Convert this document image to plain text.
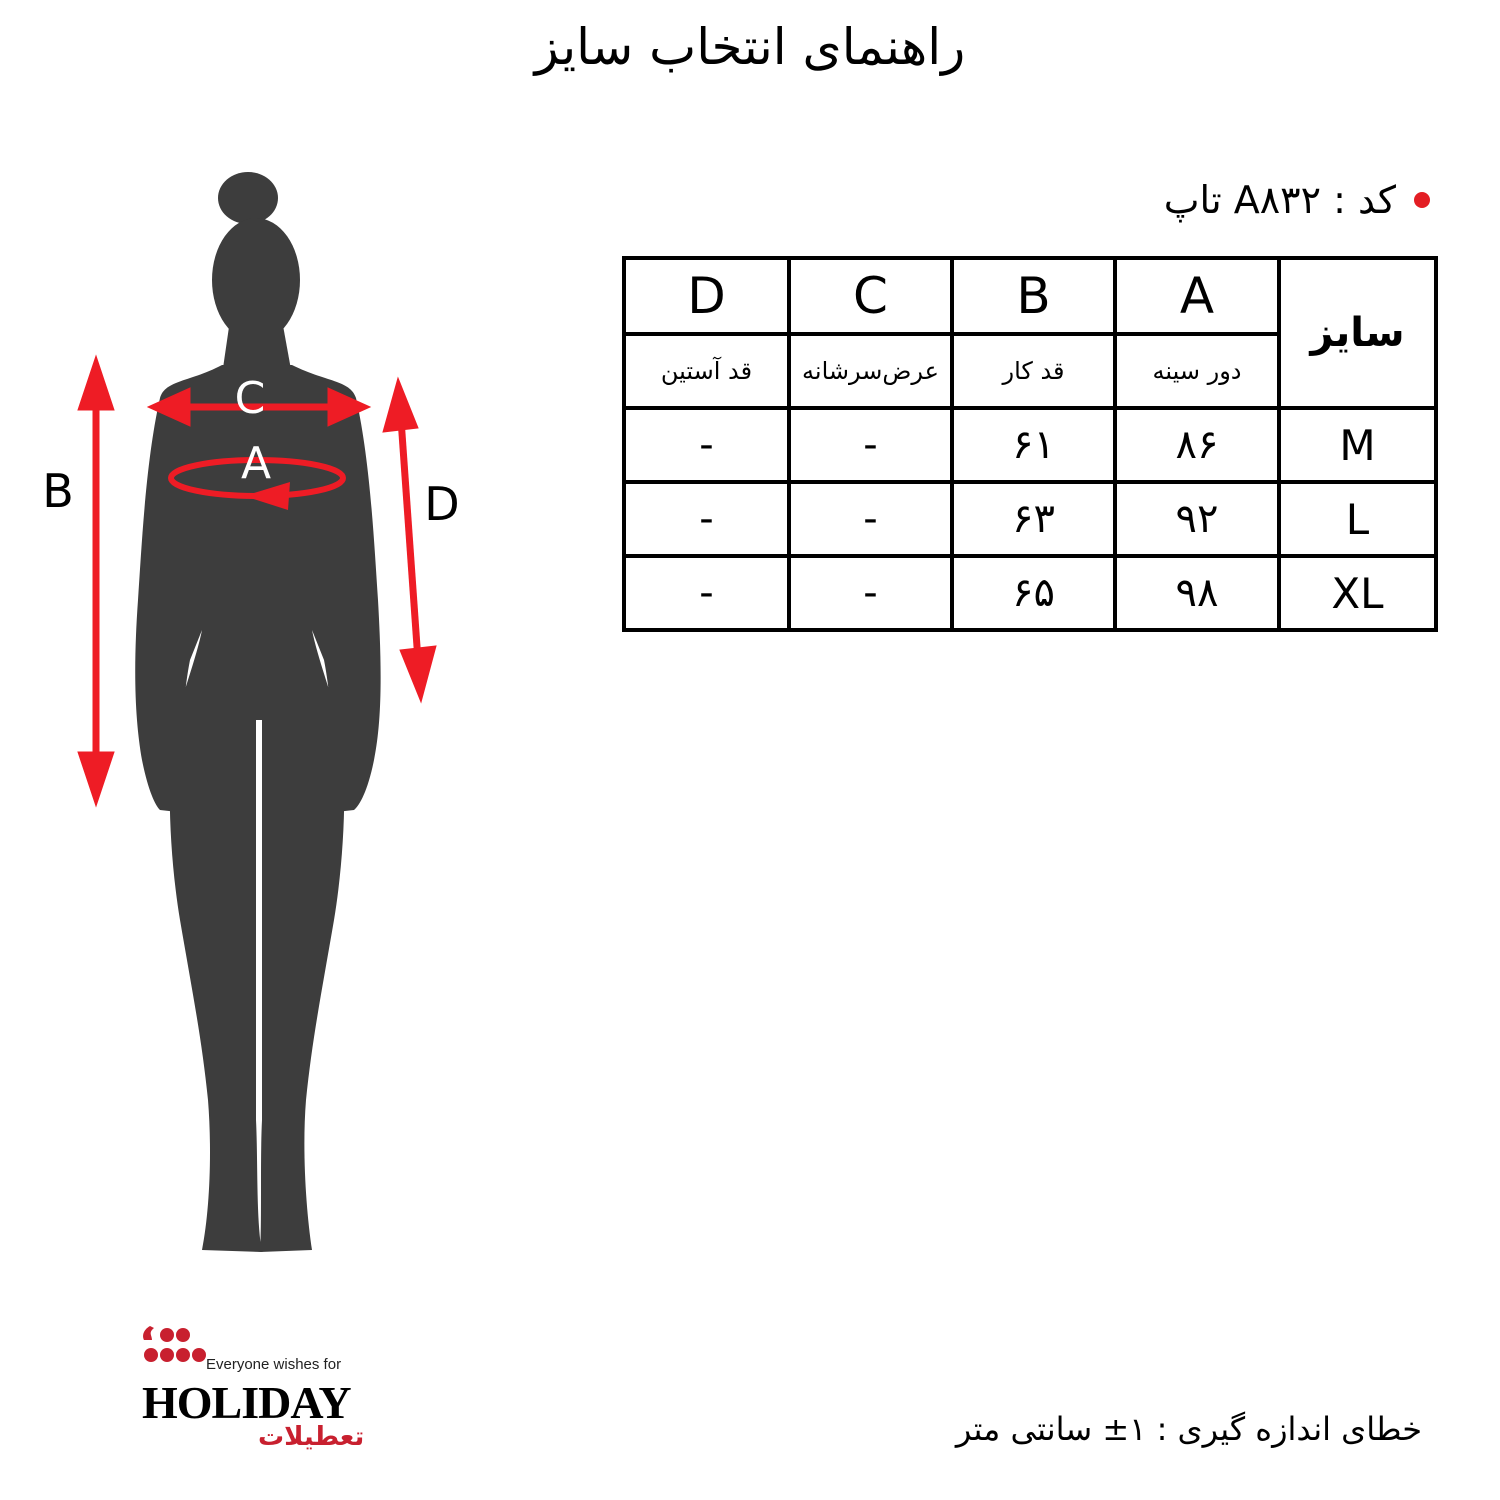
راهنمای انتخاب سایز
C
A
B	D
کد : A۸۳۲ تاپ
D	C	B	A	سایز
قد آستین	عرض‌سرشانه	قد کار	دور سینه	
-	-	۶۱	۸۶	M
-	-	۶۳	۹۲	L
-	-	۶۵	۹۸	XL
Everyone wishes for
HOLIDAY
تعطیلات	خطای اندازه گیری : ۱± سانتی متر
